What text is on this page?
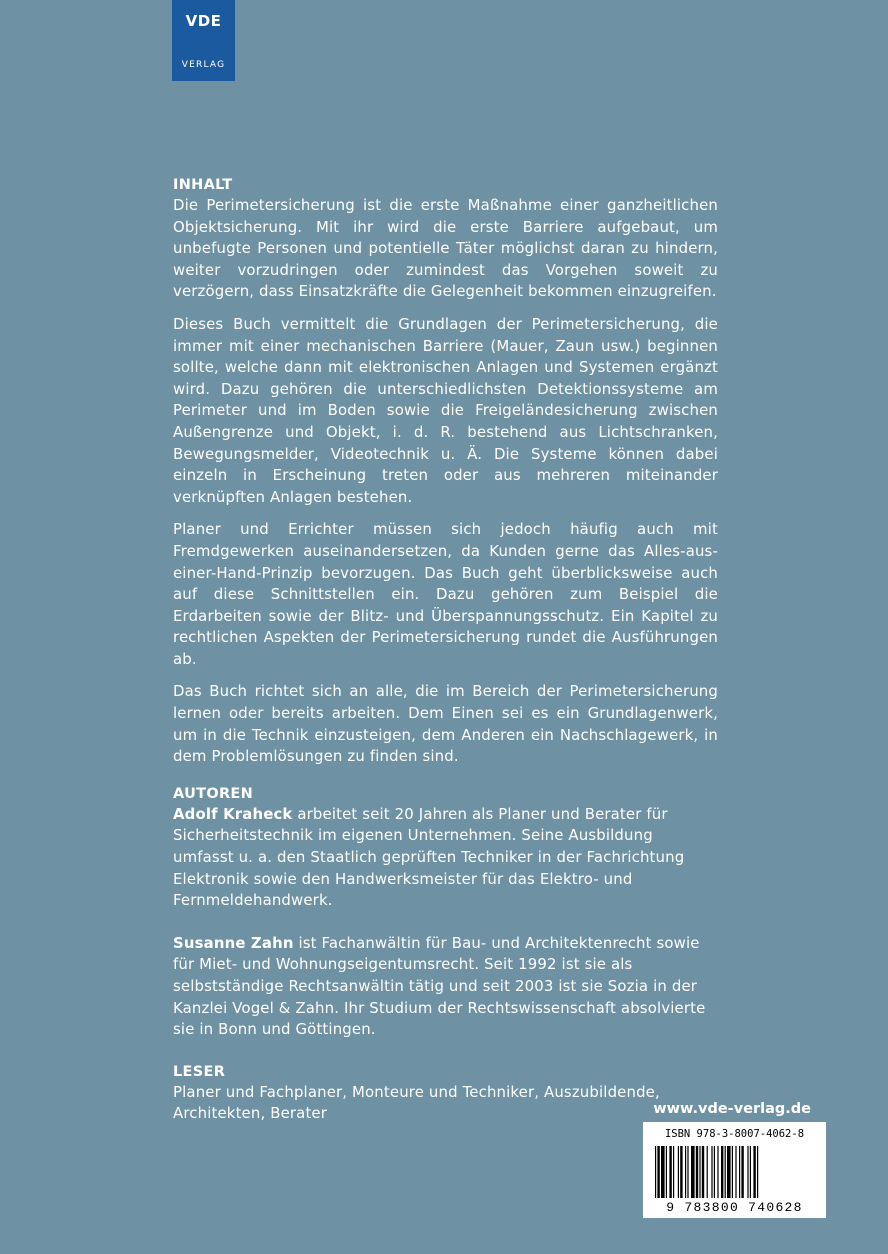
VDE
VERLAG
INHALT

Die Perimetersicherung ist die erste Maßnahme einer ganzheitlichen Objektsicherung. Mit ihr wird die erste Barriere aufgebaut, um unbefugte Personen und potentielle Täter möglichst daran zu hindern, weiter vorzudringen oder zumindest das Vorgehen soweit zu verzögern, dass Einsatzkräfte die Gelegenheit bekommen einzugreifen.

Dieses Buch vermittelt die Grundlagen der Perimetersicherung, die immer mit einer mechanischen Barriere (Mauer, Zaun usw.) beginnen sollte, welche dann mit elektronischen Anlagen und Systemen ergänzt wird. Dazu gehören die unterschiedlichsten Detektionssysteme am Perimeter und im Boden sowie die Freigeländesicherung zwischen Außengrenze und Objekt, i. d. R. bestehend aus Lichtschranken, Bewegungsmelder, Videotechnik u. Ä. Die Systeme können dabei einzeln in Erscheinung treten oder aus mehreren miteinander verknüpften Anlagen bestehen.

Planer und Errichter müssen sich jedoch häufig auch mit Fremdgewerken auseinandersetzen, da Kunden gerne das Alles-aus-einer-Hand-Prinzip bevorzugen. Das Buch geht überblicksweise auch auf diese Schnittstellen ein. Dazu gehören zum Beispiel die Erdarbeiten sowie der Blitz- und Überspannungsschutz. Ein Kapitel zu rechtlichen Aspekten der Perimetersicherung rundet die Ausführungen ab.

Das Buch richtet sich an alle, die im Bereich der Perimetersicherung lernen oder bereits arbeiten. Dem Einen sei es ein Grundlagenwerk, um in die Technik einzusteigen, dem Anderen ein Nachschlagewerk, in dem Problemlösungen zu finden sind.

AUTOREN

Adolf Kraheck arbeitet seit 20 Jahren als Planer und Berater für Sicherheitstechnik im eigenen Unternehmen. Seine Ausbildung umfasst u. a. den Staatlich geprüften Techniker in der Fachrichtung Elektronik sowie den Handwerksmeister für das Elektro- und Fernmeldehandwerk.

Susanne Zahn ist Fachanwältin für Bau- und Architektenrecht sowie für Miet- und Wohnungseigentumsrecht. Seit 1992 ist sie als selbstständige Rechtsanwältin tätig und seit 2003 ist sie Sozia in der Kanzlei Vogel & Zahn. Ihr Studium der Rechtswissenschaft absolvierte sie in Bonn und Göttingen.

LESER

Planer und Fachplaner, Monteure und Techniker, Auszubildende, Architekten, Berater	www.vde-verlag.de
ISBN 978-3-8007-4062-8
9 783800 740628
